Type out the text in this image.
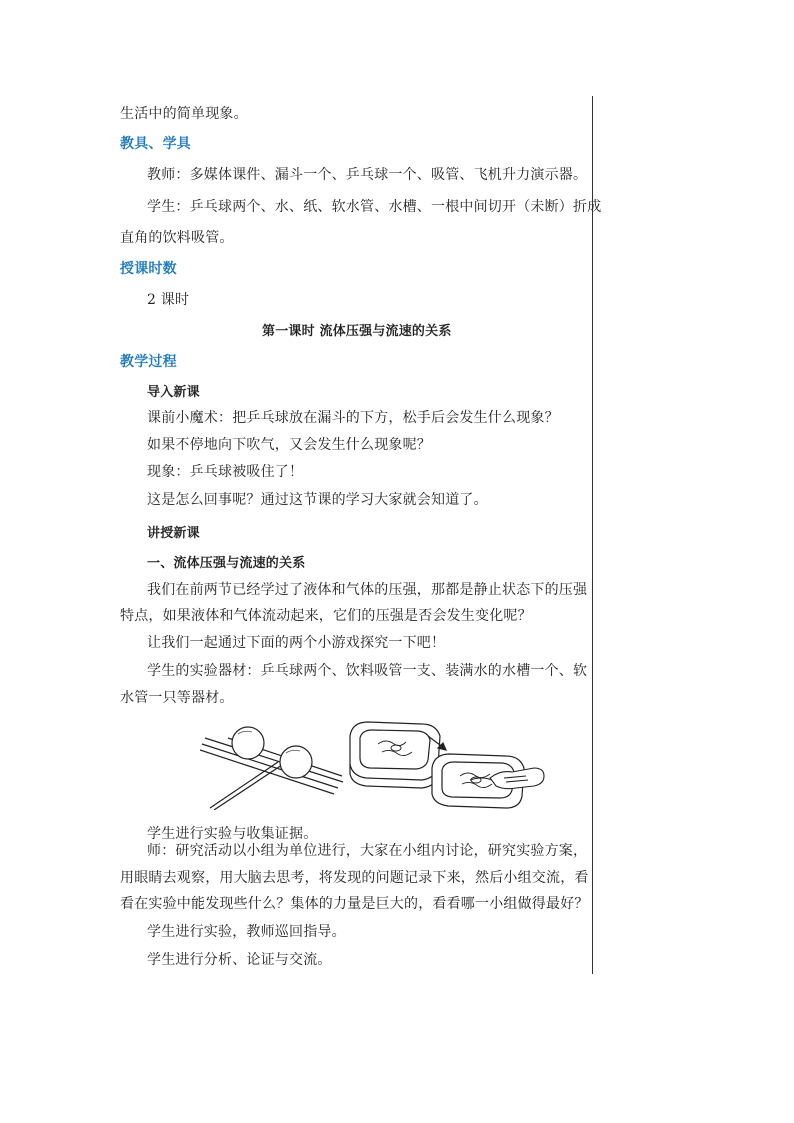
生活中的简单现象。
教具、学具
教师：多媒体课件、漏斗一个、乒乓球一个、吸管、飞机升力演示器。
学生：乒乓球两个、水、纸、软水管、水槽、一根中间切开（未断）折成
直角的饮料吸管。
授课时数
2 课时
第一课时 流体压强与流速的关系
教学过程
导入新课
课前小魔术：把乒乓球放在漏斗的下方，松手后会发生什么现象？
如果不停地向下吹气，又会发生什么现象呢？
现象：乒乓球被吸住了！
这是怎么回事呢？通过这节课的学习大家就会知道了。
讲授新课
一、流体压强与流速的关系
我们在前两节已经学过了液体和气体的压强，那都是静止状态下的压强
特点，如果液体和气体流动起来，它们的压强是否会发生变化呢？
让我们一起通过下面的两个小游戏探究一下吧！
学生的实验器材：乒乓球两个、饮料吸管一支、装满水的水槽一个、软
水管一只等器材。
学生进行实验与收集证据。
师：研究活动以小组为单位进行，大家在小组内讨论，研究实验方案，
用眼睛去观察，用大脑去思考，将发现的问题记录下来，然后小组交流，看
看在实验中能发现些什么？集体的力量是巨大的，看看哪一小组做得最好？
学生进行实验，教师巡回指导。
学生进行分析、论证与交流。
